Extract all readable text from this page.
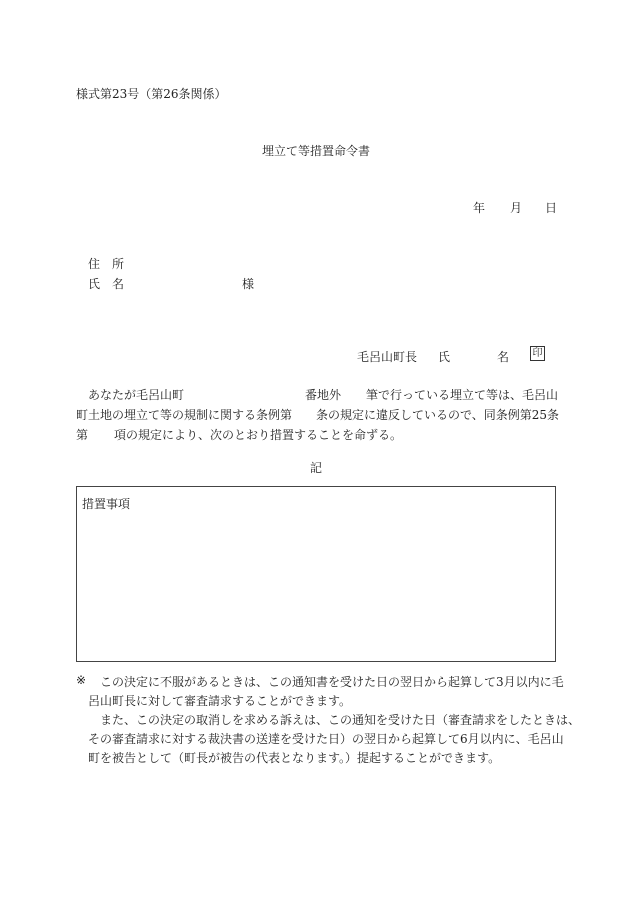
様式第23号（第26条関係）
埋立て等措置命令書
年 月 日
住　所
氏　名	様
毛呂山町長 氏	名 印
あなたが毛呂山町	番地外 筆で行っている埋立て等は、毛呂山
町土地の埋立て等の規制に関する条例第 条の規定に違反しているので、同条例第25条
第 項の規定により、次のとおり措置することを命ずる。
記
措置事項
※ この決定に不服があるときは、この通知書を受けた日の翌日から起算して3月以内に毛
呂山町長に対して審査請求することができます。
また、この決定の取消しを求める訴えは、この通知を受けた日（審査請求をしたときは、
その審査請求に対する裁決書の送達を受けた日）の翌日から起算して6月以内に、毛呂山
町を被告として（町長が被告の代表となります。）提起することができます。
